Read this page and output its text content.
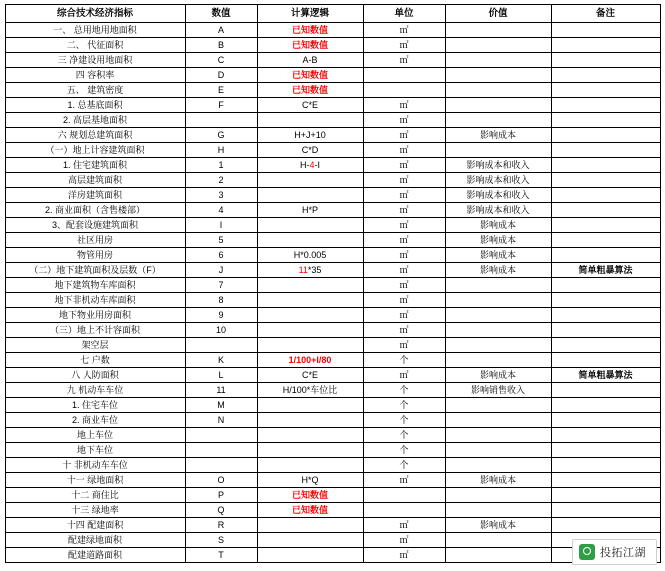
综合技术经济指标	数值	计算逻辑	单位	价值	备注
一、 总用地用地面积	A	已知数值	㎡		
二、 代征面积	B	已知数值	㎡		
三 净建设用地面积	C	A-B	㎡		
四 容积率	D	已知数值			
五、 建筑密度	E	已知数值			
1. 总基底面积	F	C*E	㎡		
2. 高层基地面积			㎡		
六 规划总建筑面积	G	H+J+10	㎡	影响成本	
（一）地上计容建筑面积	H	C*D	㎡		
1. 住宅建筑面积	1	H-4-I	㎡	影响成本和收入	
高层建筑面积	2		㎡	影响成本和收入	
洋房建筑面积	3		㎡	影响成本和收入	
2. 商业面积（含售楼部）	4	H*P	㎡	影响成本和收入	
3、配套设施建筑面积	I		㎡	影响成本	
社区用房	5		㎡	影响成本	
物管用房	6	H*0.005	㎡	影响成本	
（二）地下建筑面积及层数（F）	J	11*35	㎡	影响成本	简单粗暴算法
地下建筑物车库面积	7		㎡		
地下非机动车库面积	8		㎡		
地下物业用房面积	9		㎡		
（三）地上不计容面积	10		㎡		
架空层			㎡		
七 户数	K	1/100+I/80	个		
八 人防面积	L	C*E	㎡	影响成本	简单粗暴算法
九 机动车车位	11	H/100*车位比	个	影响销售收入	
1. 住宅车位	M		个		
2. 商业车位	N		个		
地上车位			个		
地下车位			个		
十 非机动车车位			个		
十一 绿地面积	O	H*Q	㎡	影响成本	
十二 商住比	P	已知数值			
十三 绿地率	Q	已知数值			
十四 配建面积	R		㎡	影响成本	
配建绿地面积	S		㎡		
配建道路面积	T		㎡			投拓江湖
